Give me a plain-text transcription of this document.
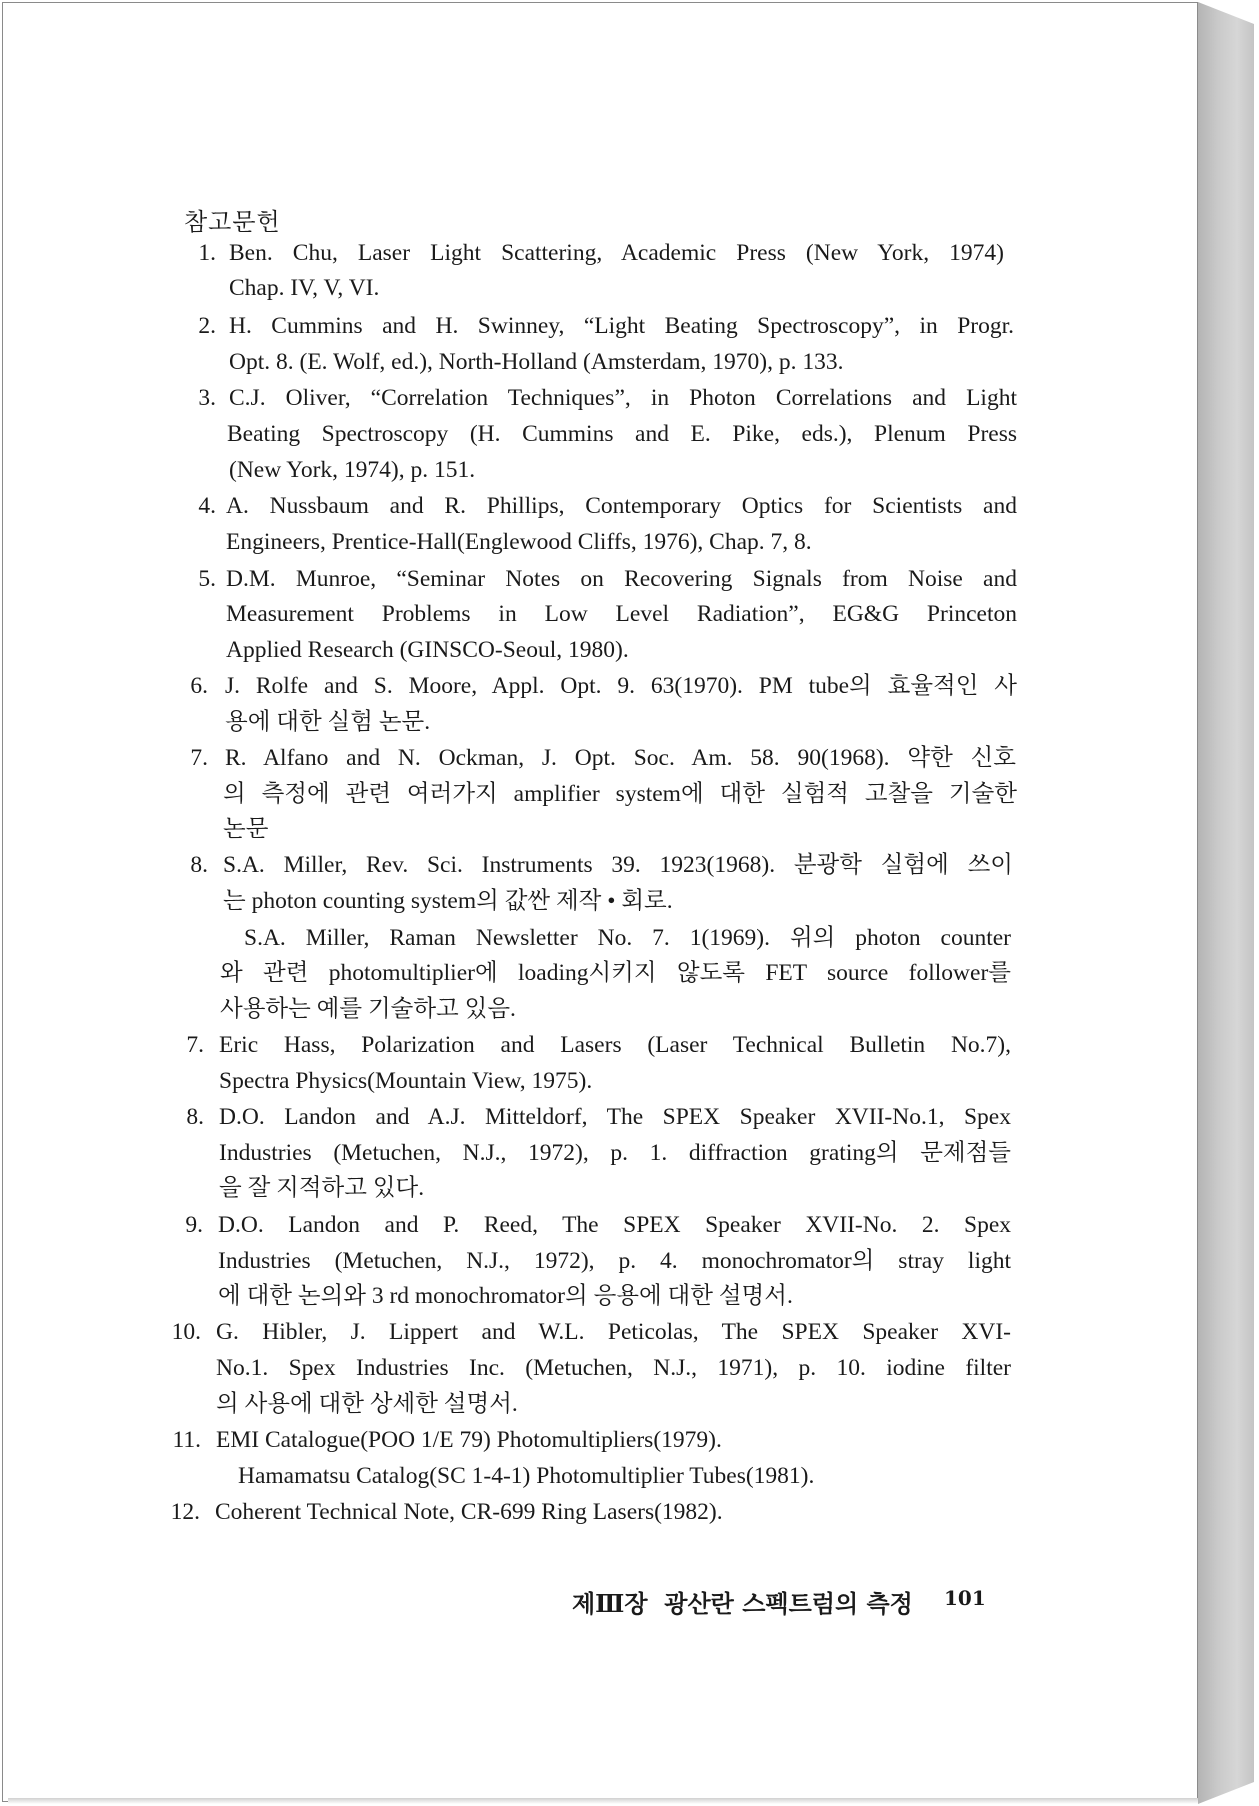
참고문헌
1. Ben. Chu, Laser Light Scattering, Academic Press (New York, 1974)
Chap. IV, V, VI.
2. H. Cummins and H. Swinney, “Light Beating Spectroscopy”, in Progr.
Opt. 8. (E. Wolf, ed.), North-Holland (Amsterdam, 1970), p. 133.
3. C.J. Oliver, “Correlation Techniques”, in Photon Correlations and Light
Beating Spectroscopy (H. Cummins and E. Pike, eds.), Plenum Press
(New York, 1974), p. 151.
4. A. Nussbaum and R. Phillips, Contemporary Optics for Scientists and
Engineers, Prentice-Hall(Englewood Cliffs, 1976), Chap. 7, 8.
5. D.M. Munroe, “Seminar Notes on Recovering Signals from Noise and
Measurement Problems in Low Level Radiation”, EG&G Princeton
Applied Research (GINSCO-Seoul, 1980).
6. J. Rolfe and S. Moore, Appl. Opt. 9. 63(1970). PM tube의 효율적인 사
용에 대한 실험 논문.
7. R. Alfano and N. Ockman, J. Opt. Soc. Am. 58. 90(1968). 약한 신호
의 측정에 관련 여러가지 amplifier system에 대한 실험적 고찰을 기술한
논문
8. S.A. Miller, Rev. Sci. Instruments 39. 1923(1968). 분광학 실험에 쓰이
는 photon counting system의 값싼 제작 • 회로.
S.A. Miller, Raman Newsletter No. 7. 1(1969). 위의 photon counter
와 관련 photomultiplier에 loading시키지 않도록 FET source follower를
사용하는 예를 기술하고 있음.
7. Eric Hass, Polarization and Lasers (Laser Technical Bulletin No.7),
Spectra Physics(Mountain View, 1975).
8. D.O. Landon and A.J. Mitteldorf, The SPEX Speaker XVII-No.1, Spex
Industries (Metuchen, N.J., 1972), p. 1. diffraction grating의 문제점들
을 잘 지적하고 있다.
9. D.O. Landon and P. Reed, The SPEX Speaker XVII-No. 2. Spex
Industries (Metuchen, N.J., 1972), p. 4. monochromator의 stray light
에 대한 논의와 3 rd monochromator의 응용에 대한 설명서.
10. G. Hibler, J. Lippert and W.L. Peticolas, The SPEX Speaker XVI-
No.1. Spex Industries Inc. (Metuchen, N.J., 1971), p. 10. iodine filter
의 사용에 대한 상세한 설명서.
11. EMI Catalogue(POO 1/E 79) Photomultipliers(1979).
Hamamatsu Catalog(SC 1-4-1) Photomultiplier Tubes(1981).
12. Coherent Technical Note, CR-699 Ring Lasers(1982).
제Ⅲ장  광산란 스펙트럼의 측정 101
